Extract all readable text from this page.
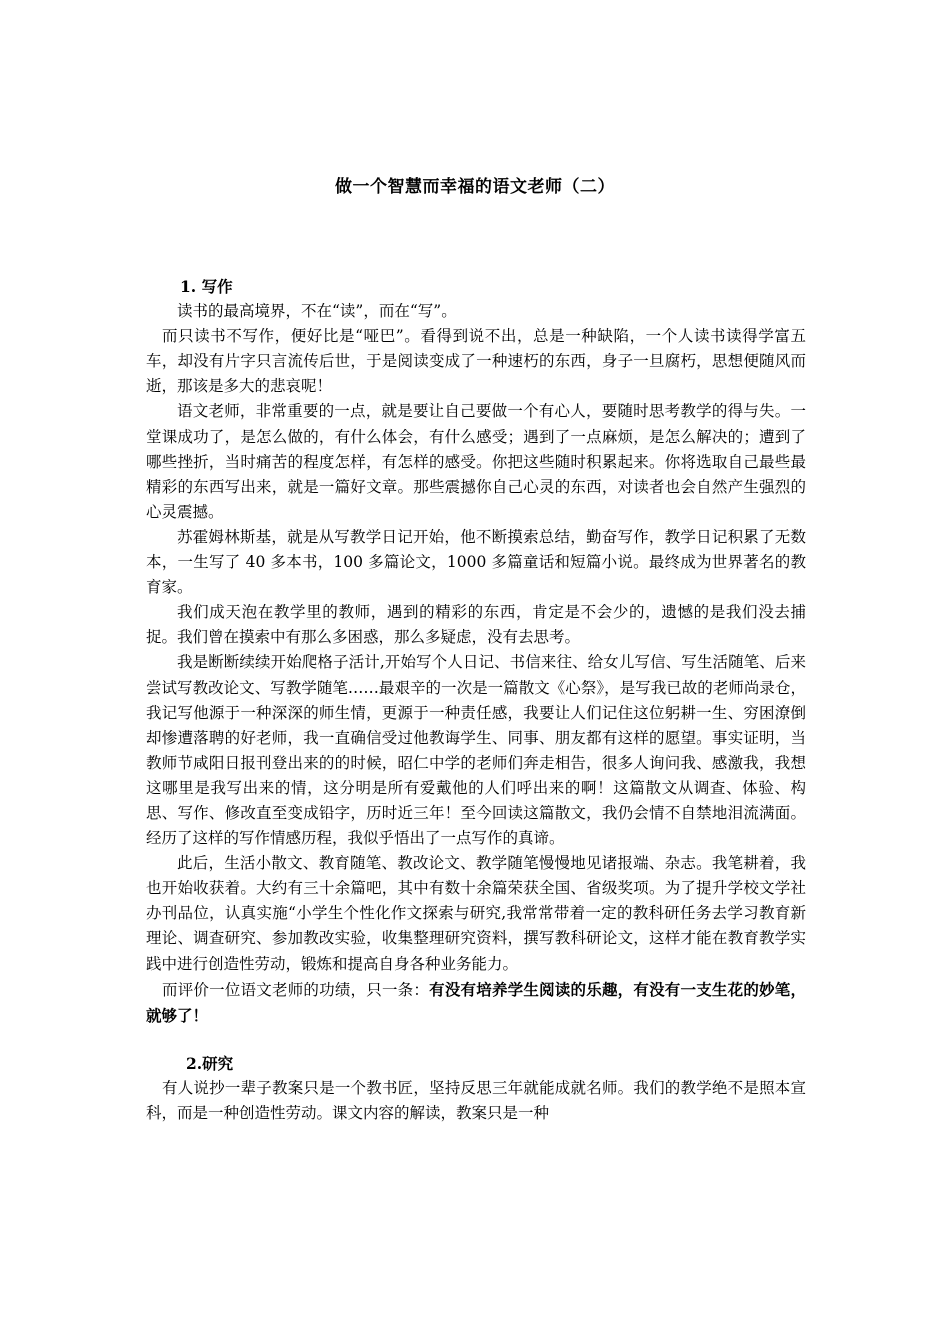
做一个智慧而幸福的语文老师（二）
1. 写作

读书的最高境界，不在“读”，而在“写”。

而只读书不写作，便好比是“哑巴”。看得到说不出，总是一种缺陷，一个人读书读得学富五车，却没有片字只言流传后世，于是阅读变成了一种速朽的东西，身子一旦腐朽，思想便随风而逝，那该是多大的悲哀呢！

语文老师，非常重要的一点，就是要让自己要做一个有心人，要随时思考教学的得与失。一堂课成功了，是怎么做的，有什么体会，有什么感受；遇到了一点麻烦，是怎么解决的；遭到了哪些挫折，当时痛苦的程度怎样，有怎样的感受。你把这些随时积累起来。你将选取自己最些最精彩的东西写出来，就是一篇好文章。那些震撼你自己心灵的东西，对读者也会自然产生强烈的心灵震撼。

苏霍姆林斯基，就是从写教学日记开始，他不断摸索总结，勤奋写作，教学日记积累了无数本，一生写了 40 多本书，100 多篇论文，1000 多篇童话和短篇小说。最终成为世界著名的教育家。

我们成天泡在教学里的教师，遇到的精彩的东西，肯定是不会少的，遗憾的是我们没去捕捉。我们曾在摸索中有那么多困惑，那么多疑虑，没有去思考。

我是断断续续开始爬格子活计,开始写个人日记、书信来往、给女儿写信、写生活随笔、后来尝试写教改论文、写教学随笔……最艰辛的一次是一篇散文《心祭》，是写我已故的老师尚录仓，我记写他源于一种深深的师生情，更源于一种责任感，我要让人们记住这位躬耕一生、穷困潦倒却惨遭落聘的好老师，我一直确信受过他教诲学生、同事、朋友都有这样的愿望。事实证明，当教师节咸阳日报刊登出来的的时候，昭仁中学的老师们奔走相告，很多人询问我、感激我，我想这哪里是我写出来的情，这分明是所有爱戴他的人们呼出来的啊！这篇散文从调查、体验、构思、写作、修改直至变成铅字，历时近三年！至今回读这篇散文，我仍会情不自禁地泪流满面。经历了这样的写作情感历程，我似乎悟出了一点写作的真谛。

此后，生活小散文、教育随笔、教改论文、教学随笔慢慢地见诸报端、杂志。我笔耕着，我也开始收获着。大约有三十余篇吧，其中有数十余篇荣获全国、省级奖项。为了提升学校文学社办刊品位，认真实施“小学生个性化作文探索与研究,我常常带着一定的教科研任务去学习教育新理论、调查研究、参加教改实验，收集整理研究资料，撰写教科研论文，这样才能在教育教学实践中进行创造性劳动，锻炼和提高自身各种业务能力。

而评价一位语文老师的功绩，只一条：有没有培养学生阅读的乐趣，有没有一支生花的妙笔，就够了！

2.研究

有人说抄一辈子教案只是一个教书匠，坚持反思三年就能成就名师。我们的教学绝不是照本宣科，而是一种创造性劳动。课文内容的解读，教案只是一种
